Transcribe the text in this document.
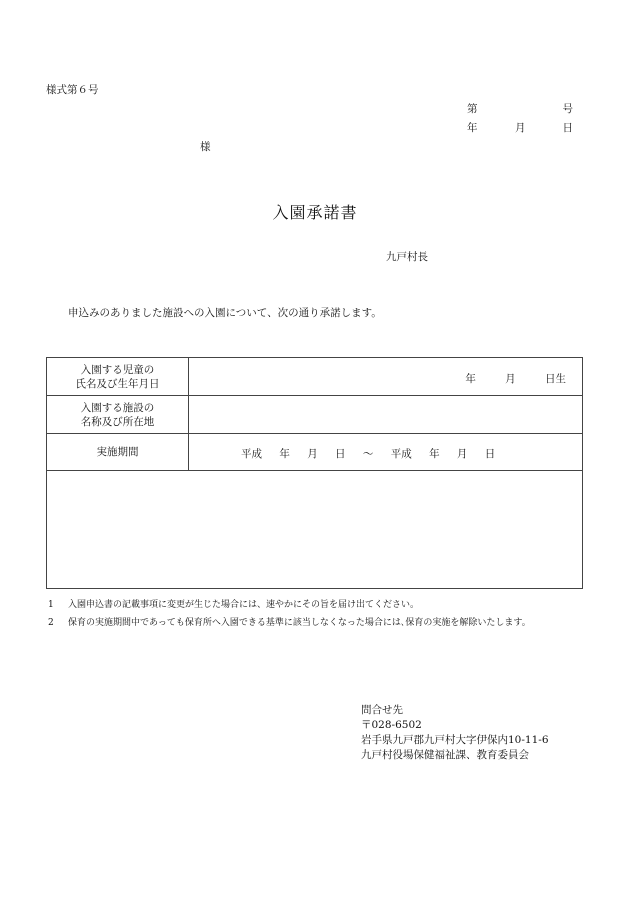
様式第６号
第	号
年	月	日
様
入園承諾書
九戸村長
申込みのありました施設への入園について、次の通り承諾します。
入園する児童の
氏名及び生年月日	年 月 日生

入園する施設の
名称及び所在地	

実施期間	平成 年 月 日 ～ 平成 年 月 日

1 入園申込書の記載事項に変更が生じた場合には、速やかにその旨を届け出てください。
2 保育の実施期間中であっても保育所へ入園できる基準に該当しなくなった場合には､保育の実施を解除いたします。
問合せ先
〒028-6502
岩手県九戸郡九戸村大字伊保内10-11-6
九戸村役場保健福祉課、教育委員会
